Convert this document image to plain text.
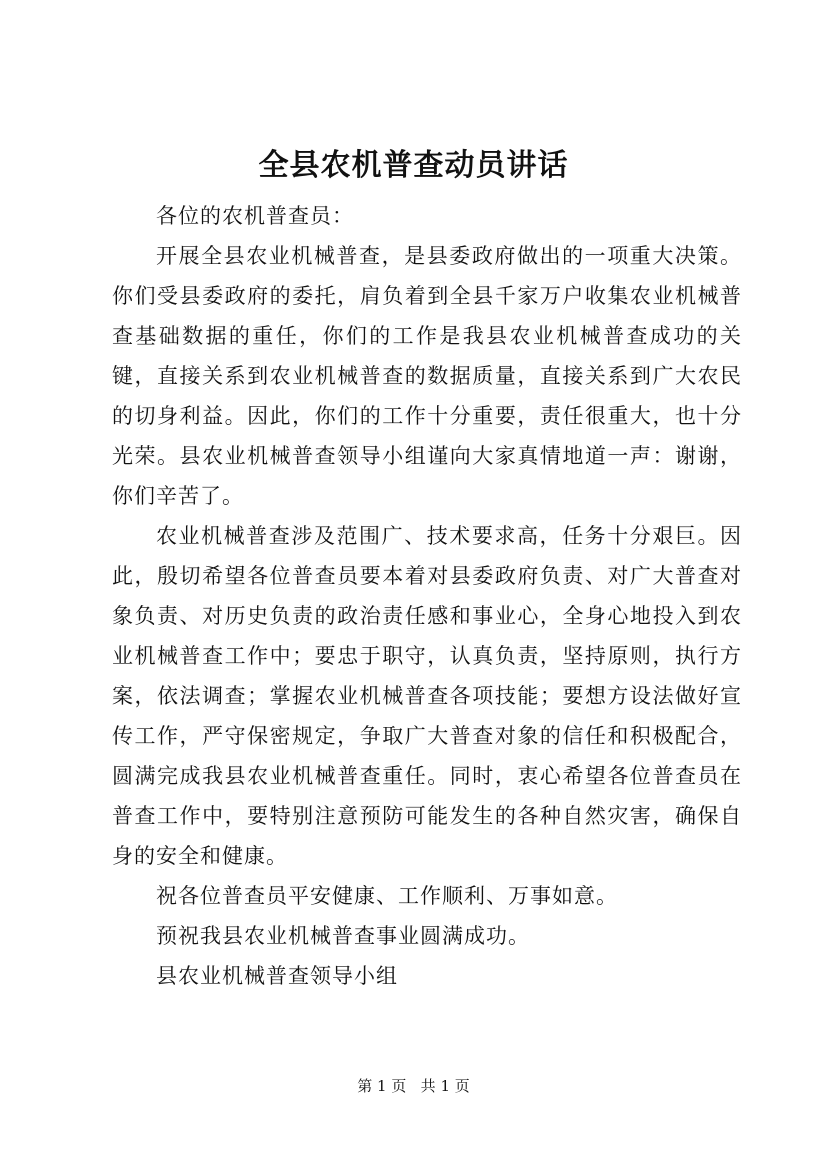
全县农机普查动员讲话

各位的农机普查员：

开展全县农业机械普查，是县委政府做出的一项重大决策。你们受县委政府的委托，肩负着到全县千家万户收集农业机械普查基础数据的重任，你们的工作是我县农业机械普查成功的关键，直接关系到农业机械普查的数据质量，直接关系到广大农民的切身利益。因此，你们的工作十分重要，责任很重大，也十分光荣。县农业机械普查领导小组谨向大家真情地道一声：谢谢，你们辛苦了。

农业机械普查涉及范围广、技术要求高，任务十分艰巨。因此，殷切希望各位普查员要本着对县委政府负责、对广大普查对象负责、对历史负责的政治责任感和事业心，全身心地投入到农业机械普查工作中；要忠于职守，认真负责，坚持原则，执行方案，依法调查；掌握农业机械普查各项技能；要想方设法做好宣传工作，严守保密规定，争取广大普查对象的信任和积极配合，圆满完成我县农业机械普查重任。同时，衷心希望各位普查员在普查工作中，要特别注意预防可能发生的各种自然灾害，确保自身的安全和健康。

祝各位普查员平安健康、工作顺利、万事如意。

预祝我县农业机械普查事业圆满成功。

县农业机械普查领导小组

第 1 页 共 1 页
